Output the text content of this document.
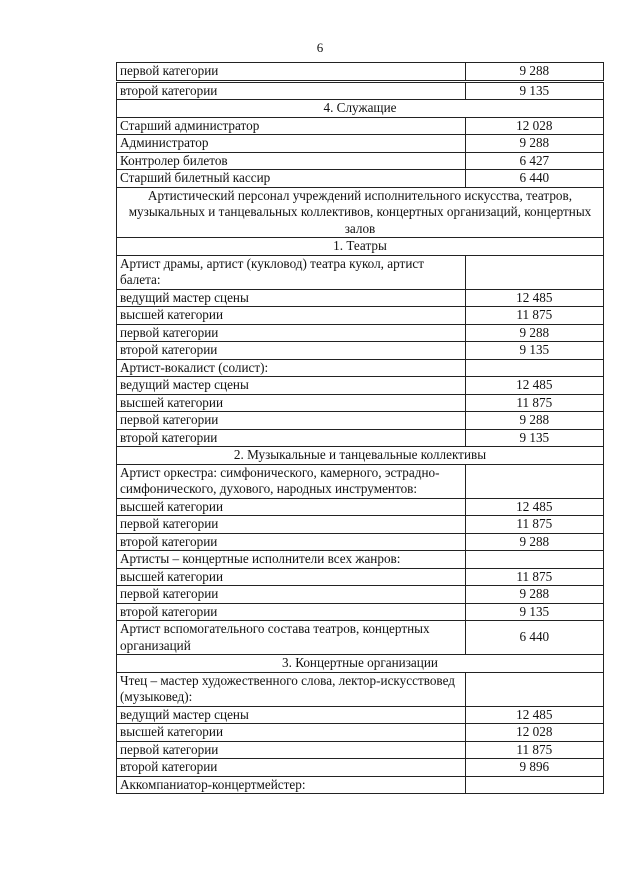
6
первой категории	9 288
второй категории	9 135
4. Служащие	
Старший администратор	12 028
Администратор	9 288
Контролер билетов	6 427
Старший билетный кассир	6 440
Артистический персонал учреждений исполнительного искусства, театров, музыкальных и танцевальных коллективов, концертных организаций, концертных залов	
1. Театры	
Артист драмы, артист (кукловод) театра кукол, артист балета:	
ведущий мастер сцены	12 485
высшей категории	11 875
первой категории	9 288
второй категории	9 135
Артист-вокалист (солист):	
ведущий мастер сцены	12 485
высшей категории	11 875
первой категории	9 288
второй категории	9 135
2. Музыкальные и танцевальные коллективы	
Артист оркестра: симфонического, камерного, эстрадно-симфонического, духового, народных инструментов:	
высшей категории	12 485
первой категории	11 875
второй категории	9 288
Артисты – концертные исполнители всех жанров:	
высшей категории	11 875
первой категории	9 288
второй категории	9 135
Артист вспомогательного состава театров, концертных организаций	6 440
3. Концертные организации	
Чтец – мастер художественного слова, лектор-искусствовед (музыковед):	
ведущий мастер сцены	12 485
высшей категории	12 028
первой категории	11 875
второй категории	9 896
Аккомпаниатор-концертмейстер:	
